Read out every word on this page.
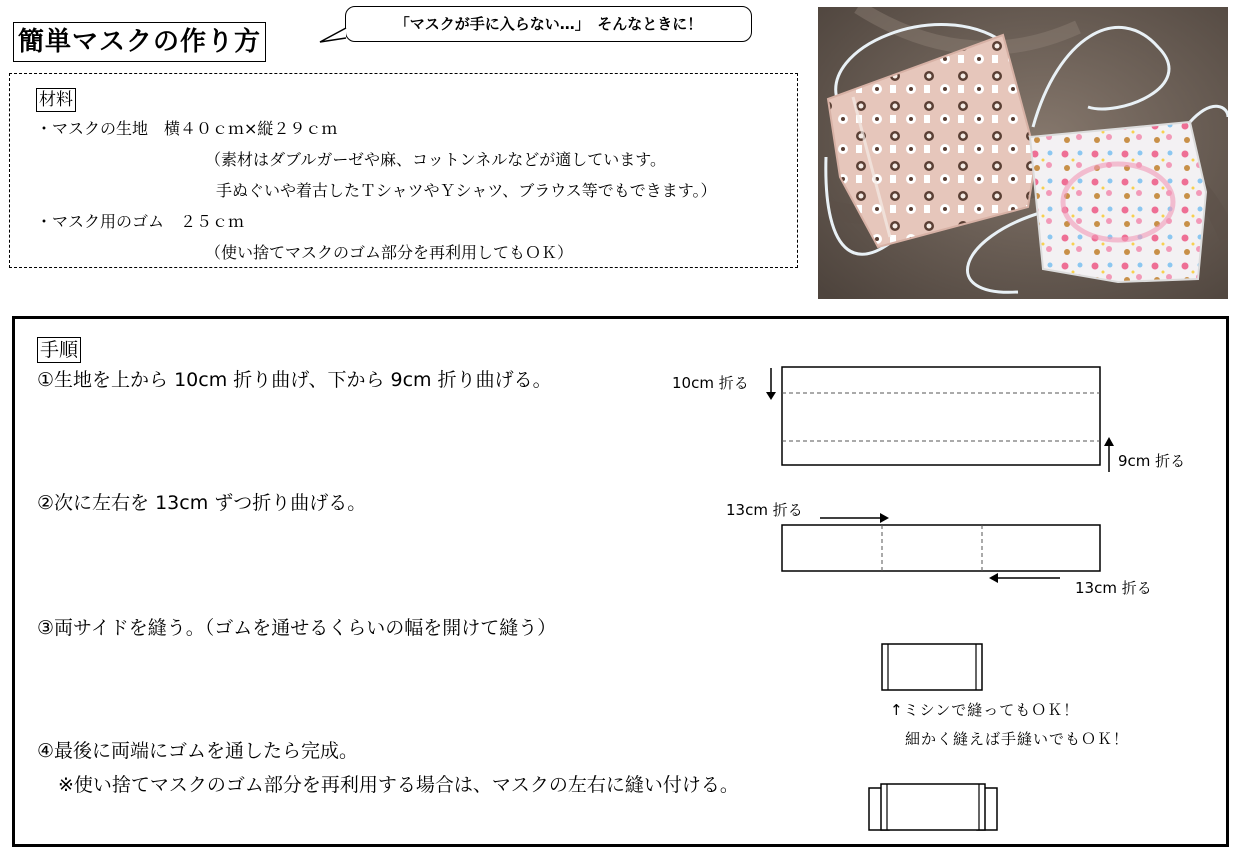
簡単マスクの作り方
「マスクが手に入らない…」　そんなときに！
材料
・マスクの生地　横４０ｃｍ×縦２９ｃｍ
（素材はダブルガーゼや麻、コットンネルなどが適しています。
手ぬぐいや着古したＴシャツやＹシャツ、ブラウス等でもできます。）
・マスク用のゴム　２５ｃｍ
（使い捨てマスクのゴム部分を再利用してもＯＫ）
手順
①生地を上から 10cm 折り曲げ、下から 9cm 折り曲げる。
②次に左右を 13cm ずつ折り曲げる。
③両サイドを縫う。（ゴムを通せるくらいの幅を開けて縫う）
④最後に両端にゴムを通したら完成。
※使い捨てマスクのゴム部分を再利用する場合は、マスクの左右に縫い付ける。
10cm 折る
9cm 折る
13cm 折る
13cm 折る
↑ミシンで縫ってもＯＫ！
細かく縫えば手縫いでもＯＫ！
